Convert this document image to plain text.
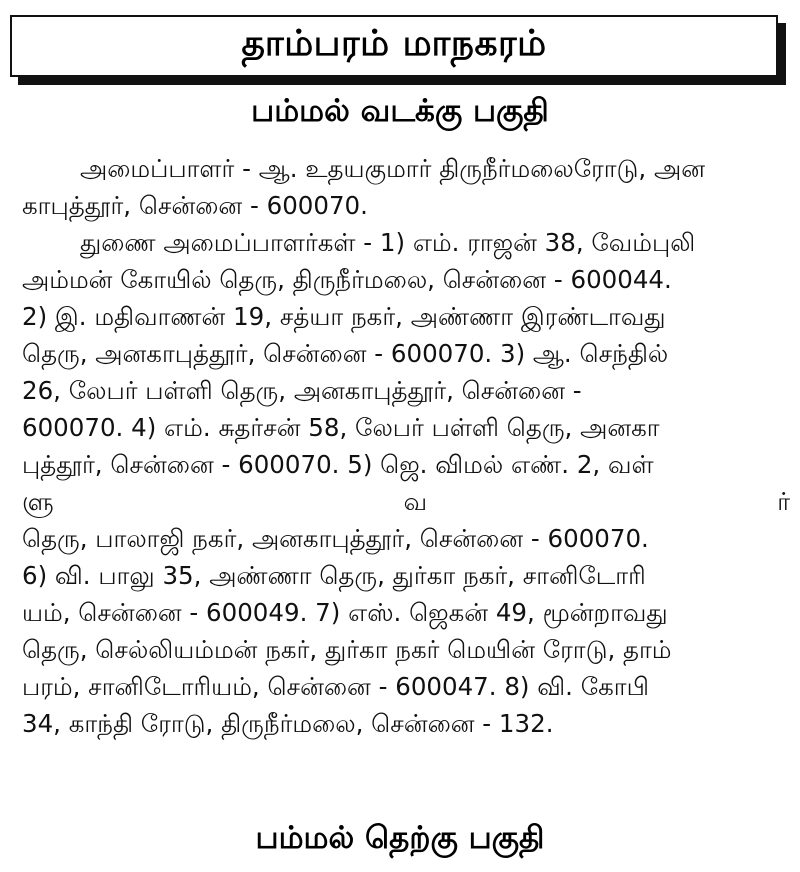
தாம்பரம் மாநகரம்
பம்மல் வடக்கு பகுதி

அமைப்பாளர் - ஆ. உதயகுமார் திருநீர்மலைரோடு, அன
காபுத்தூர், சென்னை - 600070.

துணை அமைப்பாளர்கள் - 1) எம். ராஜன் 38, வேம்புலி
அம்மன் கோயில் தெரு, திருநீர்மலை, சென்னை - 600044.
2) இ. மதிவாணன் 19, சத்யா நகர், அண்ணா இரண்டாவது
தெரு, அனகாபுத்தூர், சென்னை - 600070. 3) ஆ. செந்தில்
26, லேபர் பள்ளி தெரு, அனகாபுத்தூர், சென்னை -
600070. 4) எம். சுதர்சன் 58, லேபர் பள்ளி தெரு, அனகா
புத்தூர், சென்னை - 600070. 5) ஜெ. விமல் எண். 2, வள்
ளு	வ	ர்
தெரு, பாலாஜி நகர், அனகாபுத்தூர், சென்னை - 600070.
6) வி. பாலு 35, அண்ணா தெரு, துர்கா நகர், சானிடோரி
யம், சென்னை - 600049. 7) எஸ். ஜெகன் 49, மூன்றாவது
தெரு, செல்லியம்மன் நகர், துர்கா நகர் மெயின் ரோடு, தாம்
பரம், சானிடோரியம், சென்னை - 600047. 8) வி. கோபி
34, காந்தி ரோடு, திருநீர்மலை, சென்னை - 132.

பம்மல் தெற்கு பகுதி
